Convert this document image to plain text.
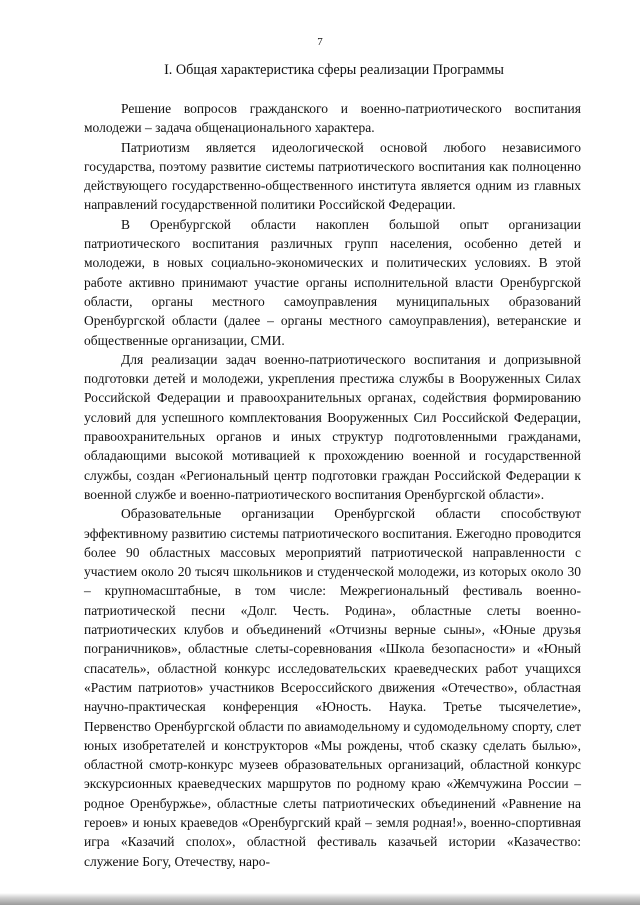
7
I. Общая характеристика сферы реализации Программы

Решение вопросов гражданского и военно-патриотического воспитания молодежи – задача общенационального характера.

Патриотизм является идеологической основой любого независимого государства, поэтому развитие системы патриотического воспитания как полноценно действующего государственно-общественного института является одним из главных направлений государственной политики Российской Федерации.

В Оренбургской области накоплен большой опыт организации патриотического воспитания различных групп населения, особенно детей и молодежи, в новых социально-экономических и политических условиях. В этой работе активно принимают участие органы исполнительной власти Оренбургской области, органы местного самоуправления муниципальных образований Оренбургской области (далее – органы местного самоуправления), ветеранские и общественные организации, СМИ.

Для реализации задач военно-патриотического воспитания и допризывной подготовки детей и молодежи, укрепления престижа службы в Вооруженных Силах Российской Федерации и правоохранительных органах, содействия формированию условий для успешного комплектования Вооруженных Сил Российской Федерации, правоохранительных органов и иных структур подготовленными гражданами, обладающими высокой мотивацией к прохождению военной и государственной службы, создан «Региональный центр подготовки граждан Российской Федерации к военной службе и военно-патриотического воспитания Оренбургской области».

Образовательные организации Оренбургской области способствуют эффективному развитию системы патриотического воспитания. Ежегодно проводится более 90 областных массовых мероприятий патриотической направленности с участием около 20 тысяч школьников и студенческой молодежи, из которых около 30 – крупномасштабные, в том числе: Межрегиональный фестиваль военно-патриотической песни «Долг. Честь. Родина», областные слеты военно-патриотических клубов и объединений «Отчизны верные сыны», «Юные друзья пограничников», областные слеты-соревнования «Школа безопасности» и «Юный спасатель», областной конкурс исследовательских краеведческих работ учащихся «Растим патриотов» участников Всероссийского движения «Отечество», областная научно-практическая конференция «Юность. Наука. Третье тысячелетие», Первенство Оренбургской области по авиамодельному и судомодельному спорту, слет юных изобретателей и конструкторов «Мы рождены, чтоб сказку сделать былью», областной смотр-конкурс музеев образовательных организаций, областной конкурс экскурсионных краеведческих маршрутов по родному краю «Жемчужина России – родное Оренбуржье», областные слеты патриотических объединений «Равнение на героев» и юных краеведов «Оренбургский край – земля родная!», военно-спортивная игра «Казачий сполох», областной фестиваль казачьей истории «Казачество: служение Богу, Отечеству, наро-
